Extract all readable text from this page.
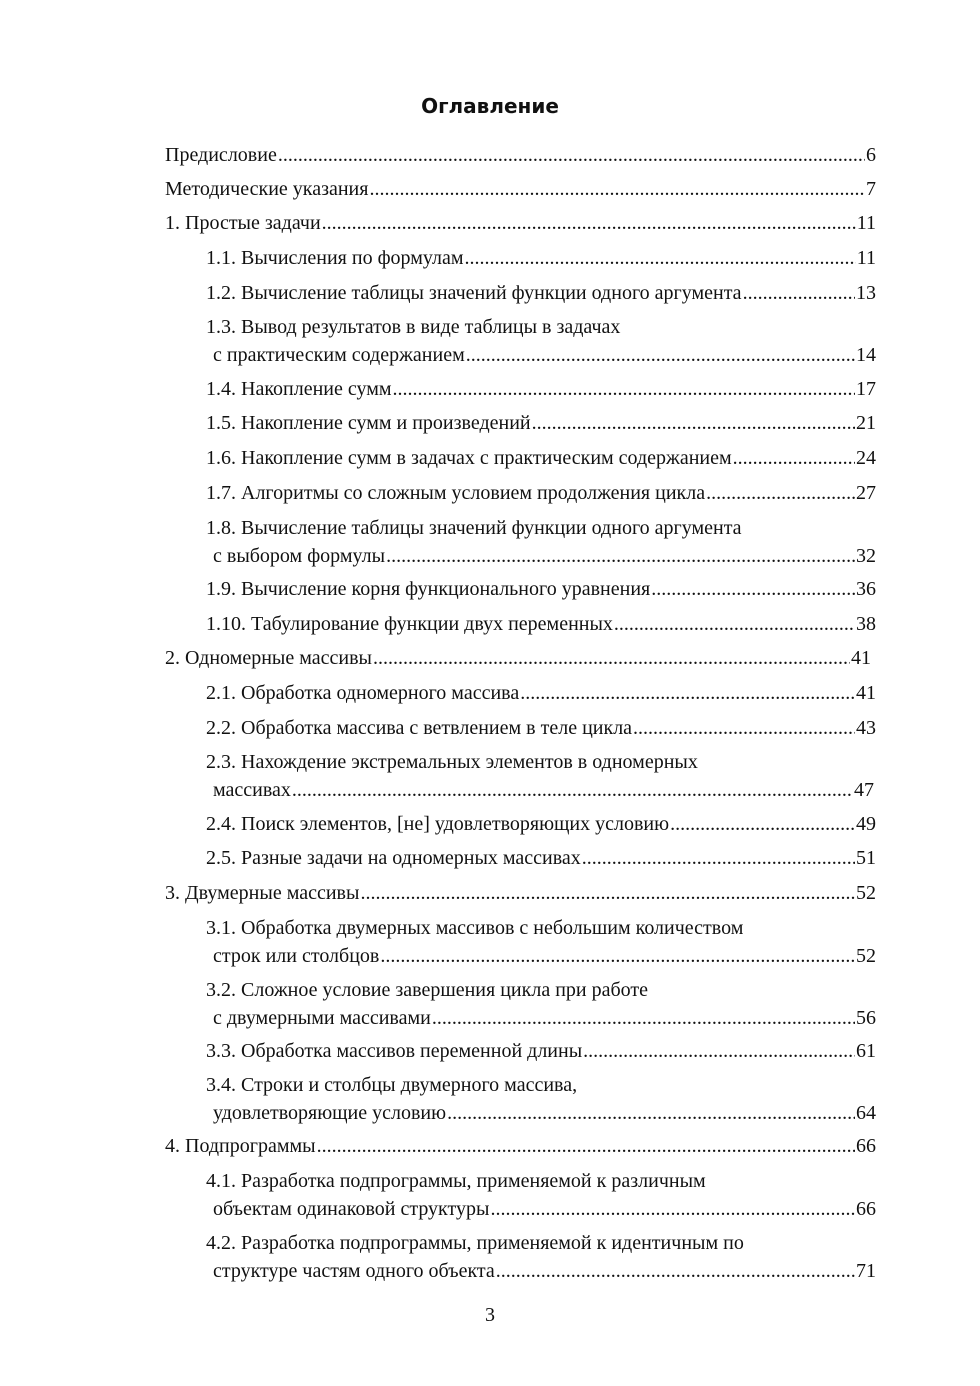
Оглавление
Предисловие .....	6
Методические указания .....	7
1. Простые задачи .....	11
1.1. Вычисления по формулам .....	11
1.2. Вычисление таблицы значений функции одного аргумента .....	13
1.3. Вывод результатов в виде таблицы в задачах
с практическим содержанием .....	14
1.4. Накопление сумм .....	17
1.5. Накопление сумм и произведений .....	21
1.6. Накопление сумм в задачах с практическим содержанием .....	24
1.7. Алгоритмы со сложным условием продолжения цикла .....	27
1.8. Вычисление таблицы значений функции одного аргумента
с выбором формулы .....	32
1.9. Вычисление корня функционального уравнения .....	36
1.10. Табулирование функции двух переменных .....	38
2. Одномерные массивы .....	41
2.1. Обработка одномерного массива .....	41
2.2. Обработка массива с ветвлением в теле цикла .....	43
2.3. Нахождение экстремальных элементов в одномерных
массивах .....	47
2.4. Поиск элементов, [не] удовлетворяющих условию .....	49
2.5. Разные задачи на одномерных массивах .....	51
3. Двумерные массивы .....	52
3.1. Обработка двумерных массивов с небольшим количеством
строк или столбцов .....	52
3.2. Сложное условие завершения цикла при работе
с двумерными массивами .....	56
3.3. Обработка массивов переменной длины .....	61
3.4. Строки и столбцы двумерного массива,
удовлетворяющие условию .....	64
4. Подпрограммы .....	66
4.1. Разработка подпрограммы, применяемой к различным
объектам одинаковой структуры .....	66
4.2. Разработка подпрограммы, применяемой к идентичным по
структуре частям одного объекта .....	71
3
